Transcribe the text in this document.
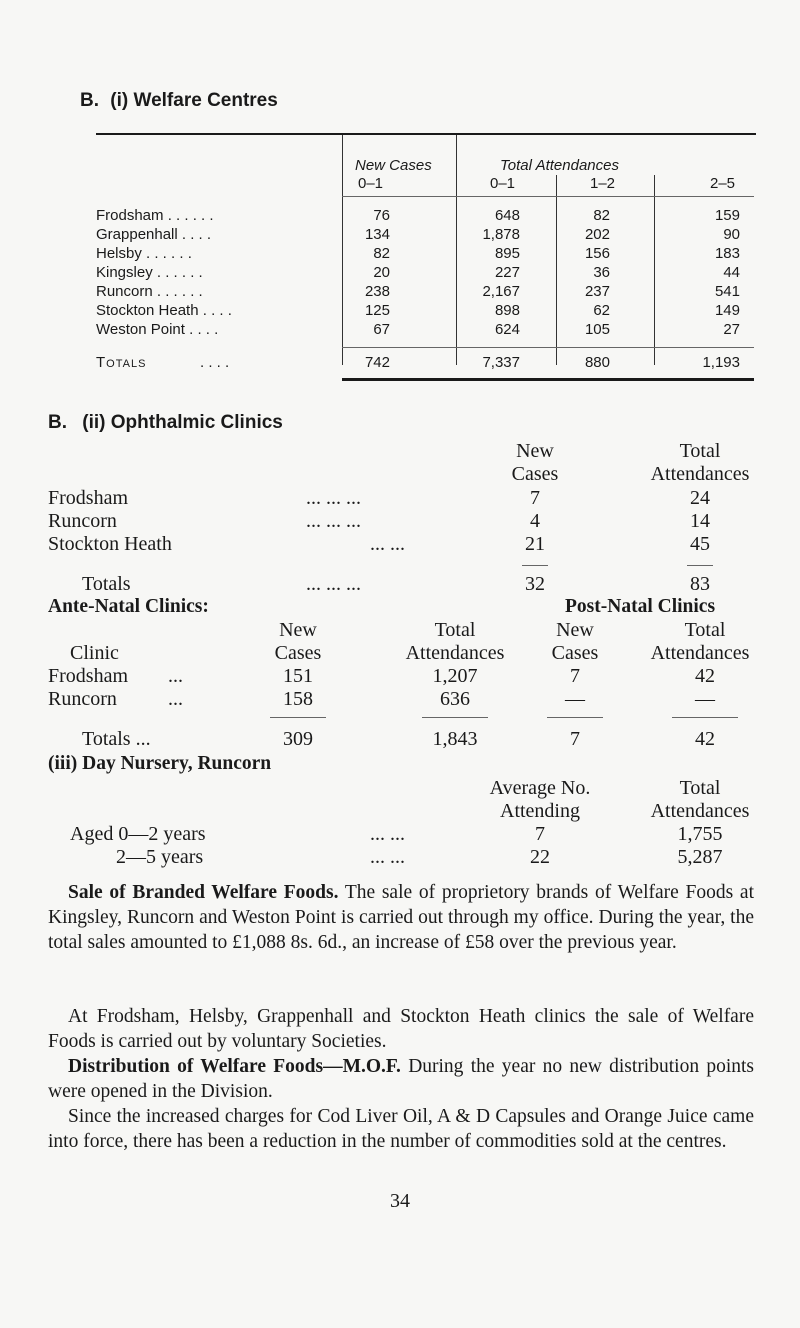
B. (i) Welfare Centres
New Cases	Total Attendances
0–1	0–1	1–2	2–5
Frodsham . . . . . .	76	648	82	159
Grappenhall . . . .	134	1,878	202	90
Helsby . . . . . .	82	895	156	183
Kingsley . . . . . .	20	227	36	44
Runcorn . . . . . .	238	2,167	237	541
Stockton Heath . . . .	125	898	62	149
Weston Point . . . .	67	624	105	27
Totals	. . . .	742	7,337	880	1,193
B. (ii) Ophthalmic Clinics
New
Cases
Total
Attendances
Frodsham	... ... ...	7	24
Runcorn	... ... ...	4	14
Stockton Heath	... ...	21	45
Totals	... ... ...	32	83
Ante-Natal Clinics:	Post-Natal Clinics
New	Total	New	Total
Clinic	Cases	Attendances	Cases	Attendances
Frodsham ...	151	1,207	7	42
Runcorn	...	158	636	—	—
Totals ...	309	1,843	7	42
(iii) Day Nursery, Runcorn
Average No.
Attending
Total
Attendances
Aged 0—2 years	... ...	7	1,755
2—5 years	... ...	22	5,287
Sale of Branded Welfare Foods. The sale of proprietory brands of Welfare Foods at Kingsley, Runcorn and Weston Point is carried out through my office. During the year, the total sales amounted to £1,088 8s. 6d., an increase of £58 over the previous year.
At Frodsham, Helsby, Grappenhall and Stockton Heath clinics the sale of Welfare Foods is carried out by voluntary Societies.
Distribution of Welfare Foods—M.O.F. During the year no new distribution points were opened in the Division.
Since the increased charges for Cod Liver Oil, A & D Capsules and Orange Juice came into force, there has been a reduction in the number of commodities sold at the centres.
34
